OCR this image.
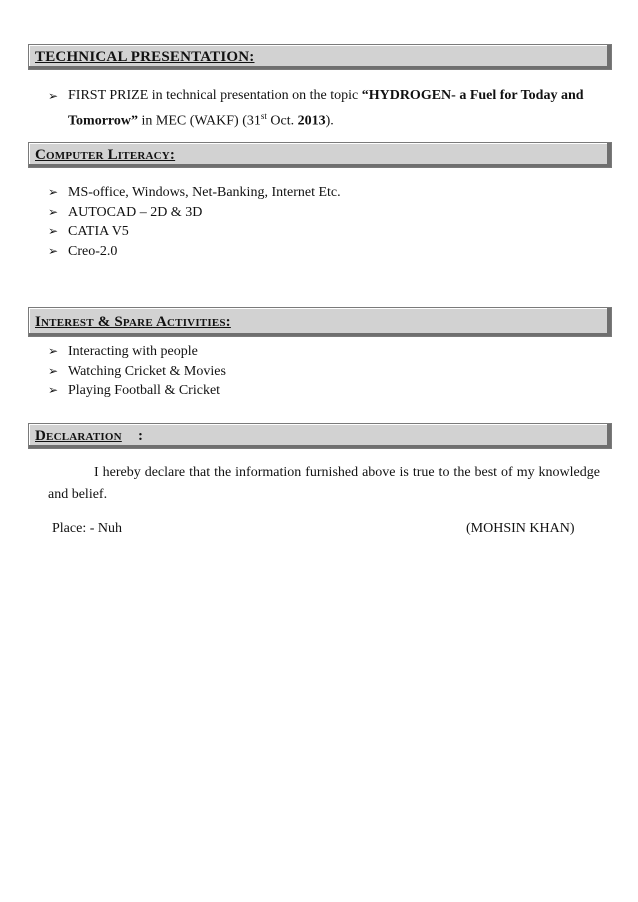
TECHNICAL PRESENTATION:
➢ FIRST PRIZE in technical presentation on the topic “HYDROGEN- a Fuel for Today and Tomorrow” in MEC (WAKF) (31st Oct. 2013).
Computer Literacy:
➢ MS-office, Windows, Net-Banking, Internet Etc.
➢ AUTOCAD – 2D & 3D
➢ CATIA V5
➢ Creo-2.0
Interest & Spare Activities:
➢ Interacting with people
➢ Watching Cricket & Movies
➢ Playing Football & Cricket
Declaration :

I hereby declare that the information furnished above is true to the best of my knowledge and belief.

Place: - Nuh	(MOHSIN KHAN)
